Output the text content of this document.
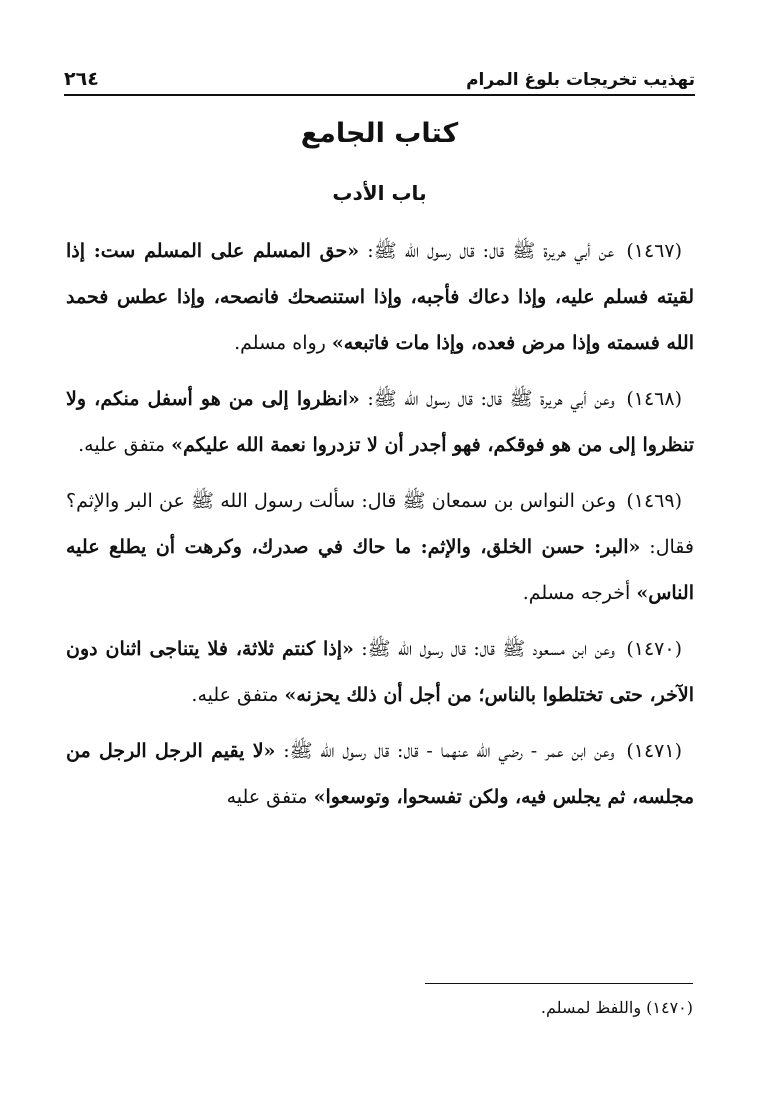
تهذيب تخريجات بلوغ المرام
٢٦٤
كتاب الجامع
باب الأدب

(١٤٦٧) عن أبي هريرة ﷺ قال: قال رسول الله ﷺ: «حق المسلم على المسلم ست: إذا لقيته فسلم عليه، وإذا دعاك فأجبه، وإذا استنصحك فانصحه، وإذا عطس فحمد الله فسمته وإذا مرض فعده، وإذا مات فاتبعه» رواه مسلم.

(١٤٦٨) وعن أبي هريرة ﷺ قال: قال رسول الله ﷺ: «انظروا إلى من هو أسفل منكم، ولا تنظروا إلى من هو فوقكم، فهو أجدر أن لا تزدروا نعمة الله عليكم» متفق عليه.

(١٤٦٩) وعن النواس بن سمعان ﷺ قال: سألت رسول الله ﷺ عن البر والإثم؟ فقال: «البر: حسن الخلق، والإثم: ما حاك في صدرك، وكرهت أن يطلع عليه الناس» أخرجه مسلم.

(١٤٧٠) وعن ابن مسعود ﷺ قال: قال رسول الله ﷺ: «إذا كنتم ثلاثة، فلا يتناجى اثنان دون الآخر، حتى تختلطوا بالناس؛ من أجل أن ذلك يحزنه» متفق عليه.

(١٤٧١) وعن ابن عمر - رضي الله عنهما - قال: قال رسول الله ﷺ: «لا يقيم الرجل الرجل من مجلسه، ثم يجلس فيه، ولكن تفسحوا، وتوسعوا» متفق عليه

(١٤٧٠) واللفظ لمسلم.
